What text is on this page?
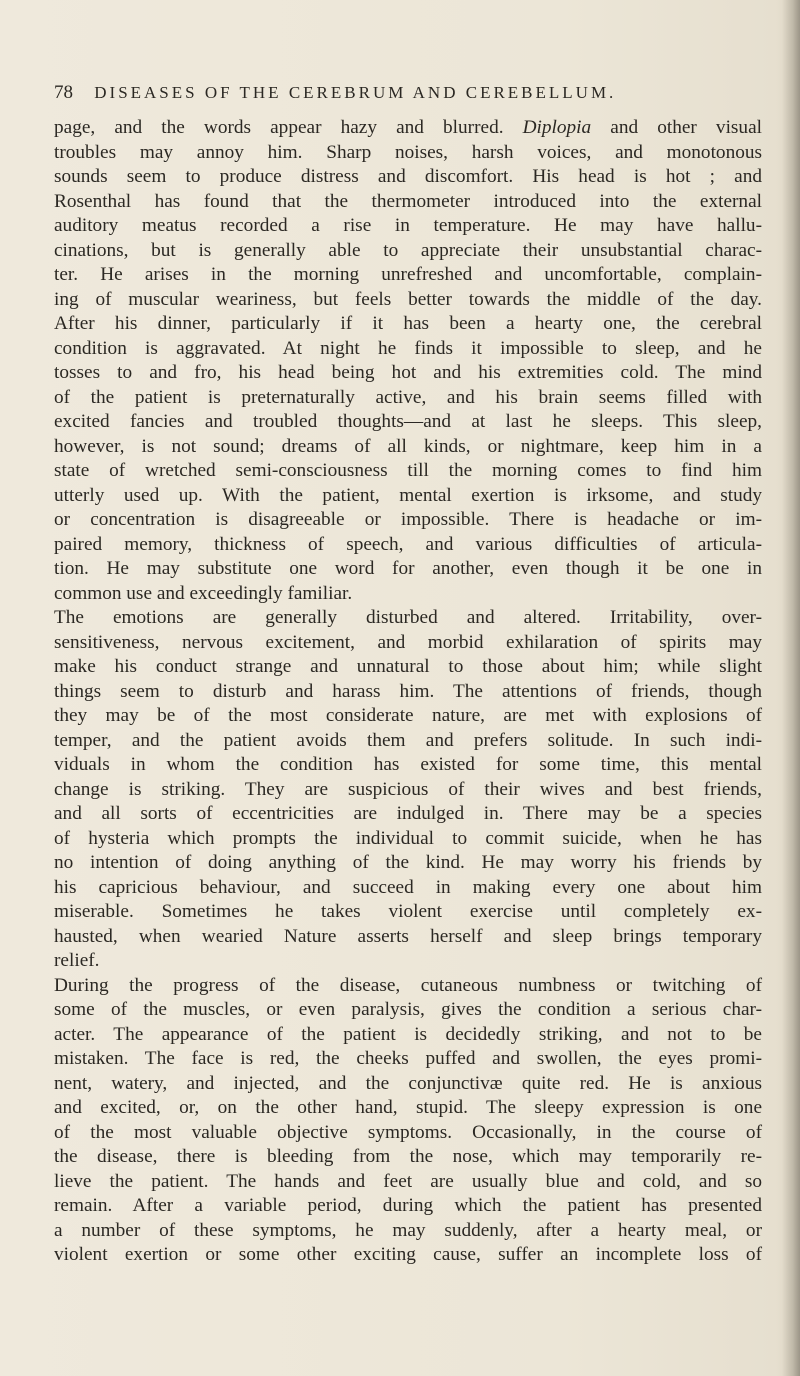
78 DISEASES OF THE CEREBRUM AND CEREBELLUM.
page, and the words appear hazy and blurred. Diplopia and other visual
troubles may annoy him. Sharp noises, harsh voices, and monotonous
sounds seem to produce distress and discomfort. His head is hot ; and
Rosenthal has found that the thermometer introduced into the external
auditory meatus recorded a rise in temperature. He may have hallu-
cinations, but is generally able to appreciate their unsubstantial charac-
ter. He arises in the morning unrefreshed and uncomfortable, complain-
ing of muscular weariness, but feels better towards the middle of the day.
After his dinner, particularly if it has been a hearty one, the cerebral
condition is aggravated. At night he finds it impossible to sleep, and he
tosses to and fro, his head being hot and his extremities cold. The mind
of the patient is preternaturally active, and his brain seems filled with
excited fancies and troubled thoughts—and at last he sleeps. This sleep,
however, is not sound; dreams of all kinds, or nightmare, keep him in a
state of wretched semi-consciousness till the morning comes to find him
utterly used up. With the patient, mental exertion is irksome, and study
or concentration is disagreeable or impossible. There is headache or im-
paired memory, thickness of speech, and various difficulties of articula-
tion. He may substitute one word for another, even though it be one in
common use and exceedingly familiar.
The emotions are generally disturbed and altered. Irritability, over-
sensitiveness, nervous excitement, and morbid exhilaration of spirits may
make his conduct strange and unnatural to those about him; while slight
things seem to disturb and harass him. The attentions of friends, though
they may be of the most considerate nature, are met with explosions of
temper, and the patient avoids them and prefers solitude. In such indi-
viduals in whom the condition has existed for some time, this mental
change is striking. They are suspicious of their wives and best friends,
and all sorts of eccentricities are indulged in. There may be a species
of hysteria which prompts the individual to commit suicide, when he has
no intention of doing anything of the kind. He may worry his friends by
his capricious behaviour, and succeed in making every one about him
miserable. Sometimes he takes violent exercise until completely ex-
hausted, when wearied Nature asserts herself and sleep brings temporary
relief.
During the progress of the disease, cutaneous numbness or twitching of
some of the muscles, or even paralysis, gives the condition a serious char-
acter. The appearance of the patient is decidedly striking, and not to be
mistaken. The face is red, the cheeks puffed and swollen, the eyes promi-
nent, watery, and injected, and the conjunctivæ quite red. He is anxious
and excited, or, on the other hand, stupid. The sleepy expression is one
of the most valuable objective symptoms. Occasionally, in the course of
the disease, there is bleeding from the nose, which may temporarily re-
lieve the patient. The hands and feet are usually blue and cold, and so
remain. After a variable period, during which the patient has presented
a number of these symptoms, he may suddenly, after a hearty meal, or
violent exertion or some other exciting cause, suffer an incomplete loss of
